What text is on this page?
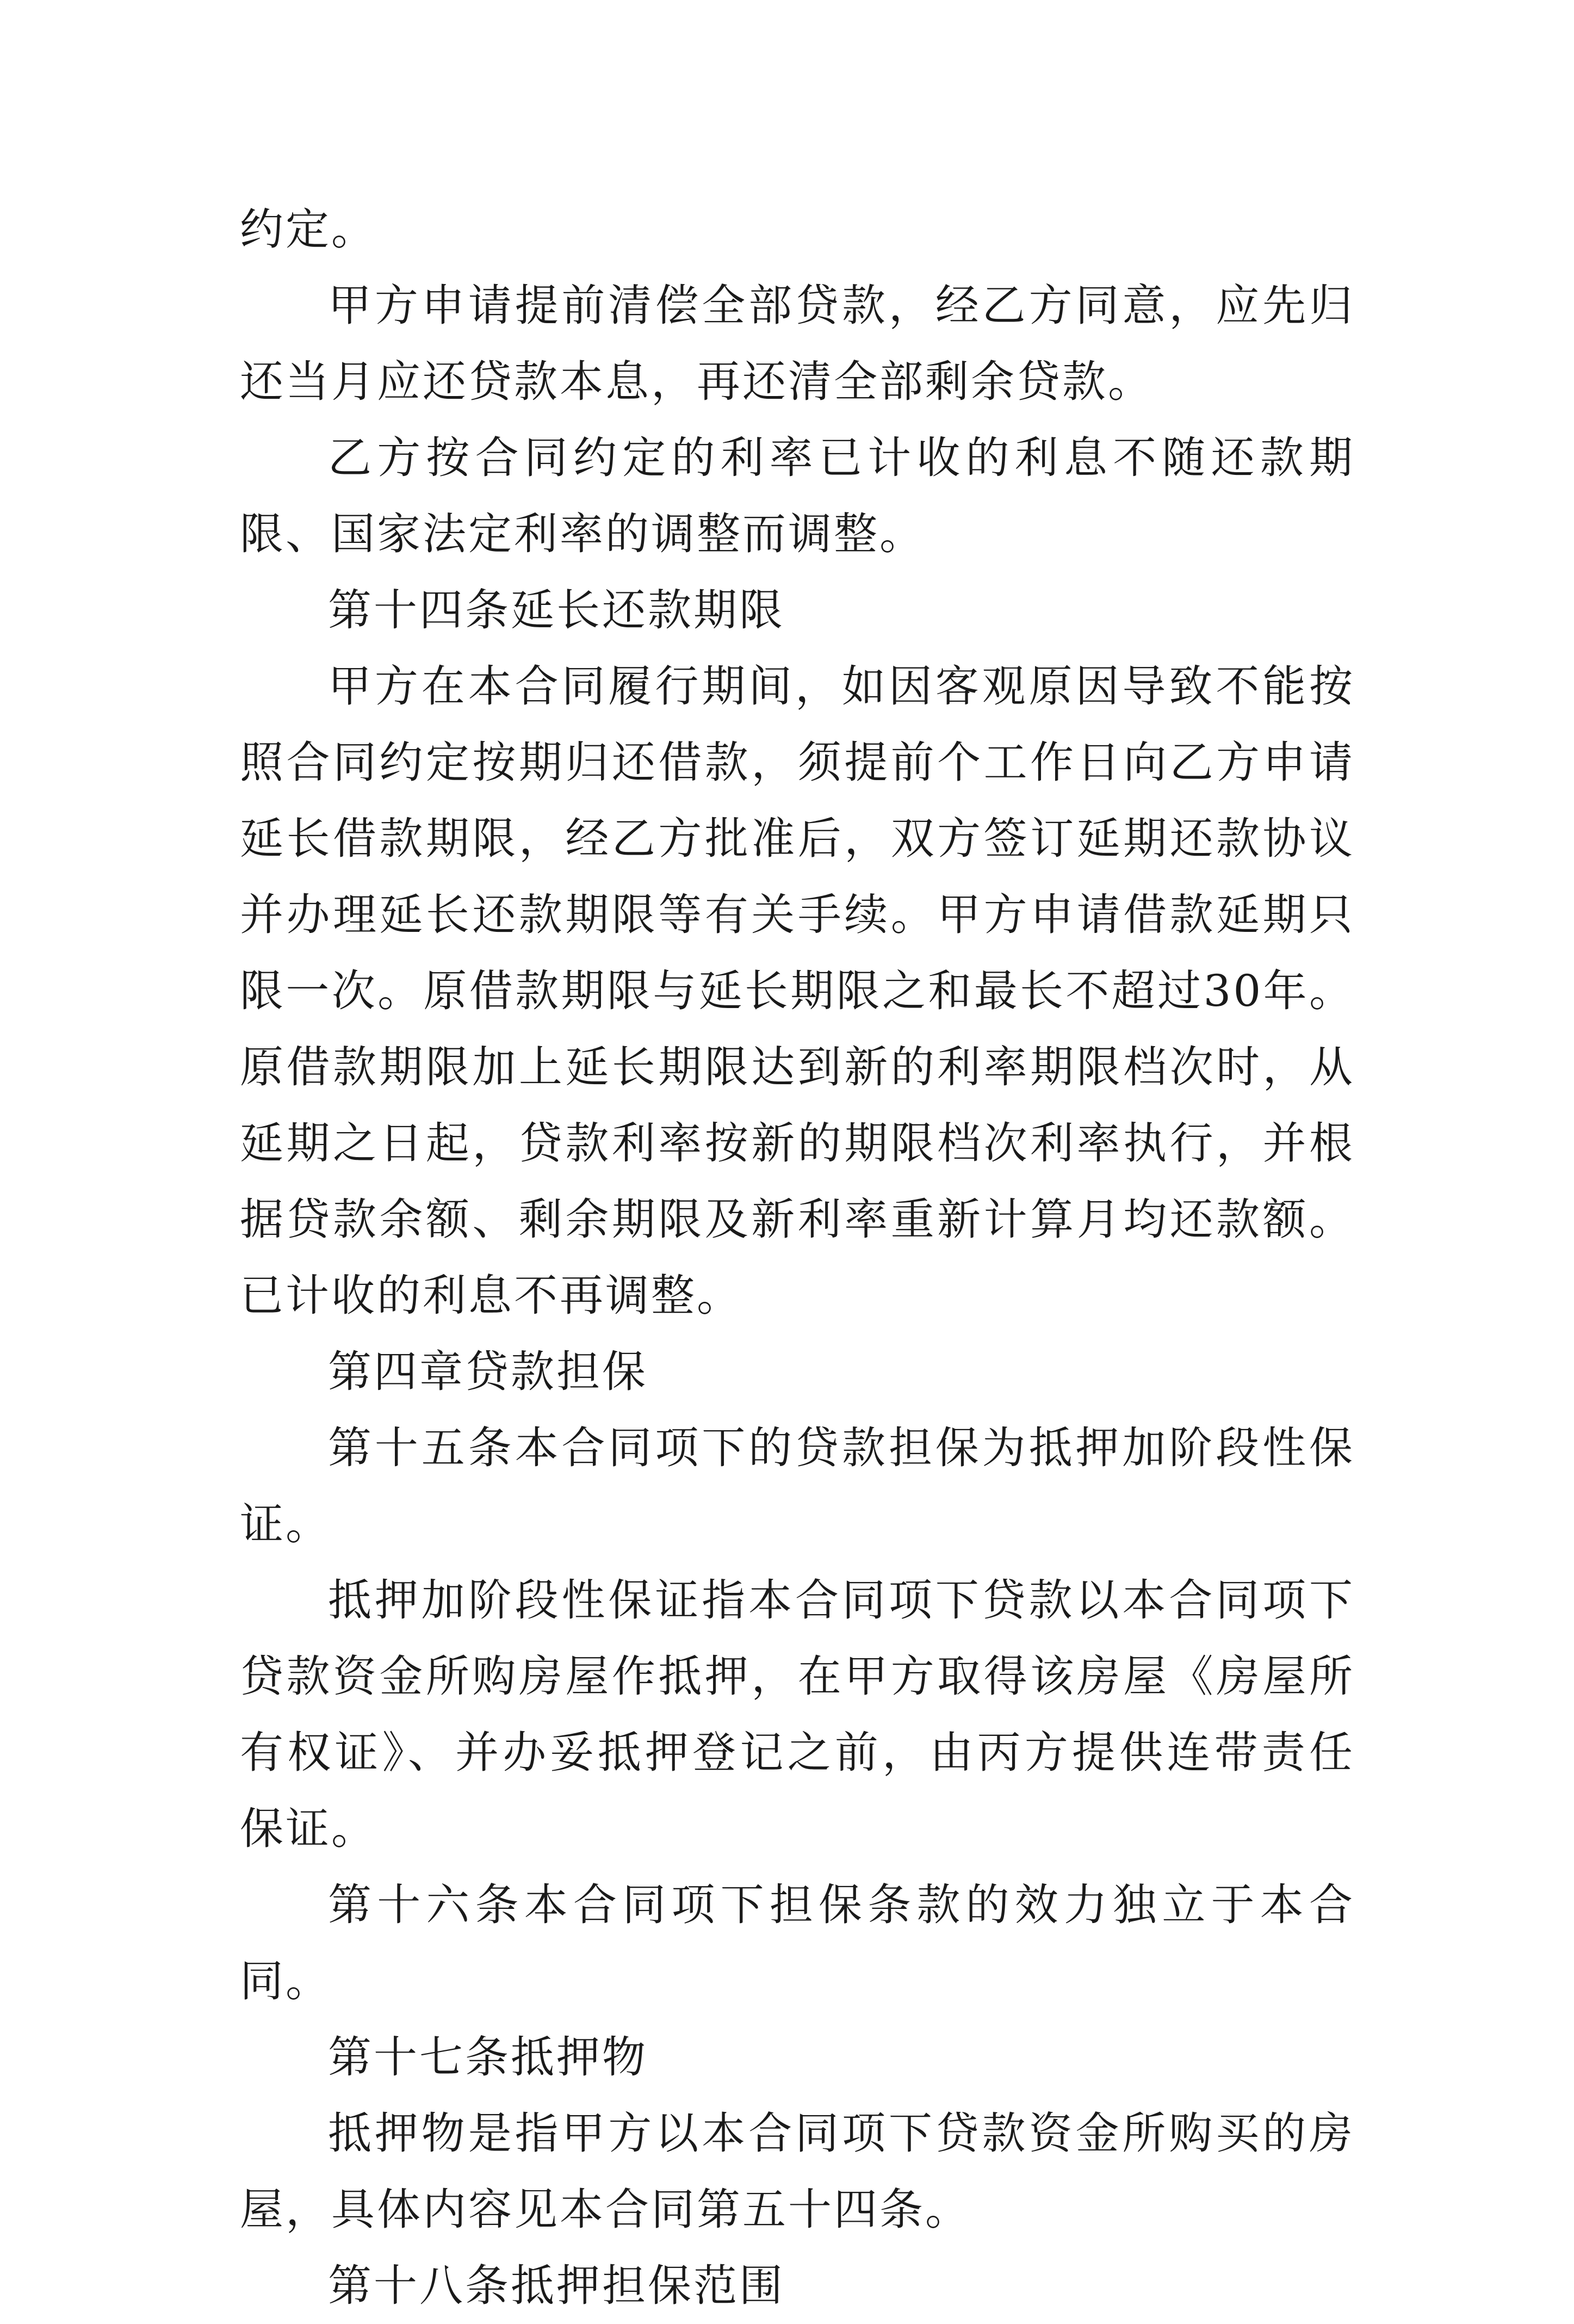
约定。

甲方申请提前清偿全部贷款，经乙方同意，应先归还当月应还贷款本息，再还清全部剩余贷款。

乙方按合同约定的利率已计收的利息不随还款期限、国家法定利率的调整而调整。

第十四条延长还款期限

甲方在本合同履行期间，如因客观原因导致不能按照合同约定按期归还借款，须提前个工作日向乙方申请延长借款期限，经乙方批准后，双方签订延期还款协议并办理延长还款期限等有关手续。甲方申请借款延期只限一次。原借款期限与延长期限之和最长不超过30年。原借款期限加上延长期限达到新的利率期限档次时，从延期之日起，贷款利率按新的期限档次利率执行，并根据贷款余额、剩余期限及新利率重新计算月均还款额。已计收的利息不再调整。

第四章贷款担保

第十五条本合同项下的贷款担保为抵押加阶段性保证。

抵押加阶段性保证指本合同项下贷款以本合同项下贷款资金所购房屋作抵押，在甲方取得该房屋《房屋所有权证》、并办妥抵押登记之前，由丙方提供连带责任保证。

第十六条本合同项下担保条款的效力独立于本合同。

第十七条抵押物

抵押物是指甲方以本合同项下贷款资金所购买的房屋，具体内容见本合同第五十四条。

第十八条抵押担保范围
